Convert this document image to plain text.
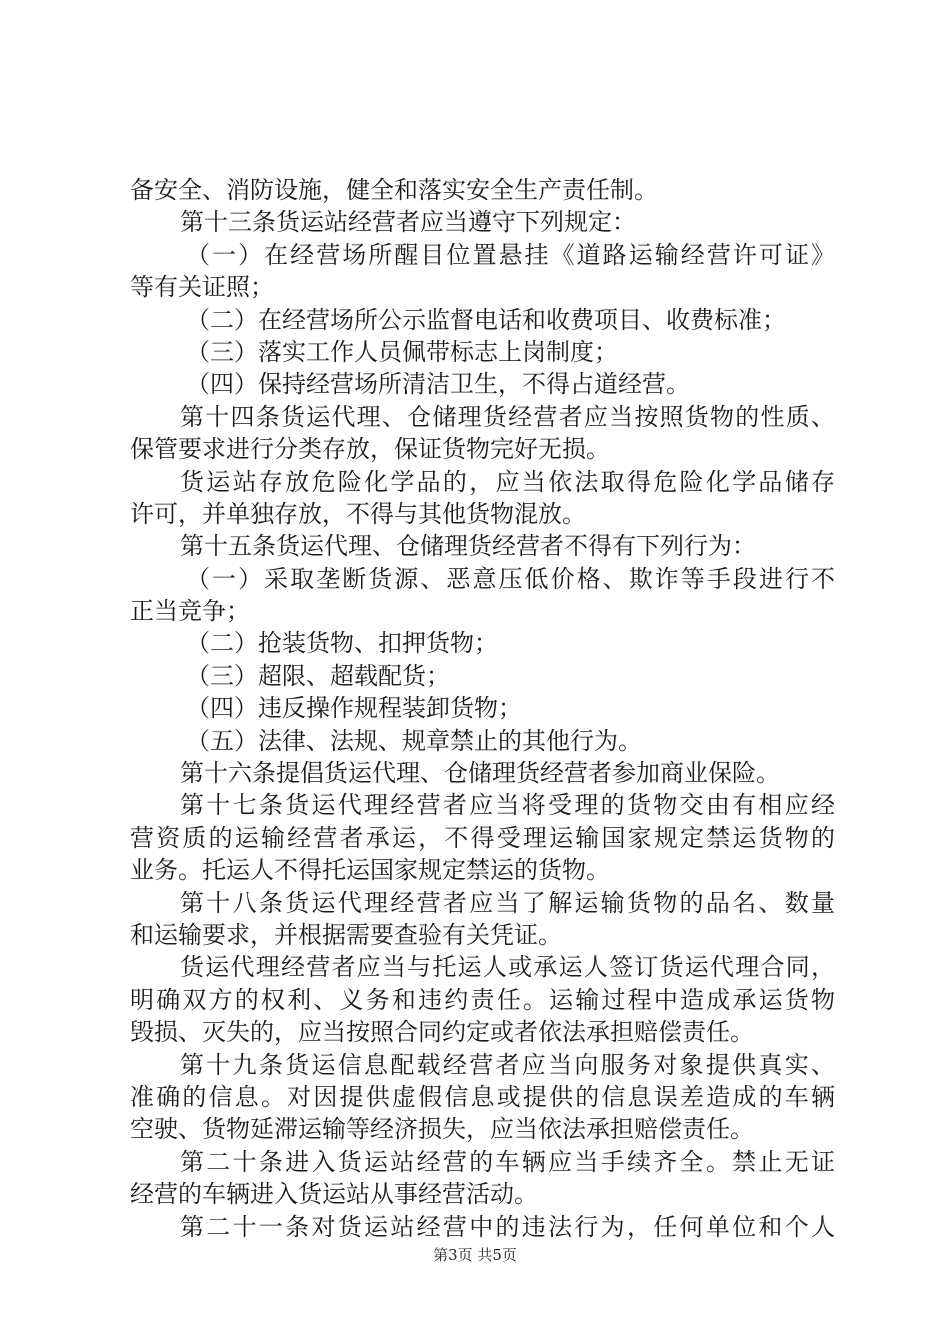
备安全、消防设施，健全和落实安全生产责任制。
第十三条货运站经营者应当遵守下列规定：
（一）在经营场所醒目位置悬挂《道路运输经营许可证》
等有关证照；
（二）在经营场所公示监督电话和收费项目、收费标准；
（三）落实工作人员佩带标志上岗制度；
（四）保持经营场所清洁卫生，不得占道经营。
第十四条货运代理、仓储理货经营者应当按照货物的性质、
保管要求进行分类存放，保证货物完好无损。
货运站存放危险化学品的，应当依法取得危险化学品储存
许可，并单独存放，不得与其他货物混放。
第十五条货运代理、仓储理货经营者不得有下列行为：
（一）采取垄断货源、恶意压低价格、欺诈等手段进行不
正当竞争；
（二）抢装货物、扣押货物；
（三）超限、超载配货；
（四）违反操作规程装卸货物；
（五）法律、法规、规章禁止的其他行为。
第十六条提倡货运代理、仓储理货经营者参加商业保险。
第十七条货运代理经营者应当将受理的货物交由有相应经
营资质的运输经营者承运，不得受理运输国家规定禁运货物的
业务。托运人不得托运国家规定禁运的货物。
第十八条货运代理经营者应当了解运输货物的品名、数量
和运输要求，并根据需要查验有关凭证。
货运代理经营者应当与托运人或承运人签订货运代理合同，
明确双方的权利、义务和违约责任。运输过程中造成承运货物
毁损、灭失的，应当按照合同约定或者依法承担赔偿责任。
第十九条货运信息配载经营者应当向服务对象提供真实、
准确的信息。对因提供虚假信息或提供的信息误差造成的车辆
空驶、货物延滞运输等经济损失，应当依法承担赔偿责任。
第二十条进入货运站经营的车辆应当手续齐全。禁止无证
经营的车辆进入货运站从事经营活动。
第二十一条对货运站经营中的违法行为，任何单位和个人
第3页 共5页
